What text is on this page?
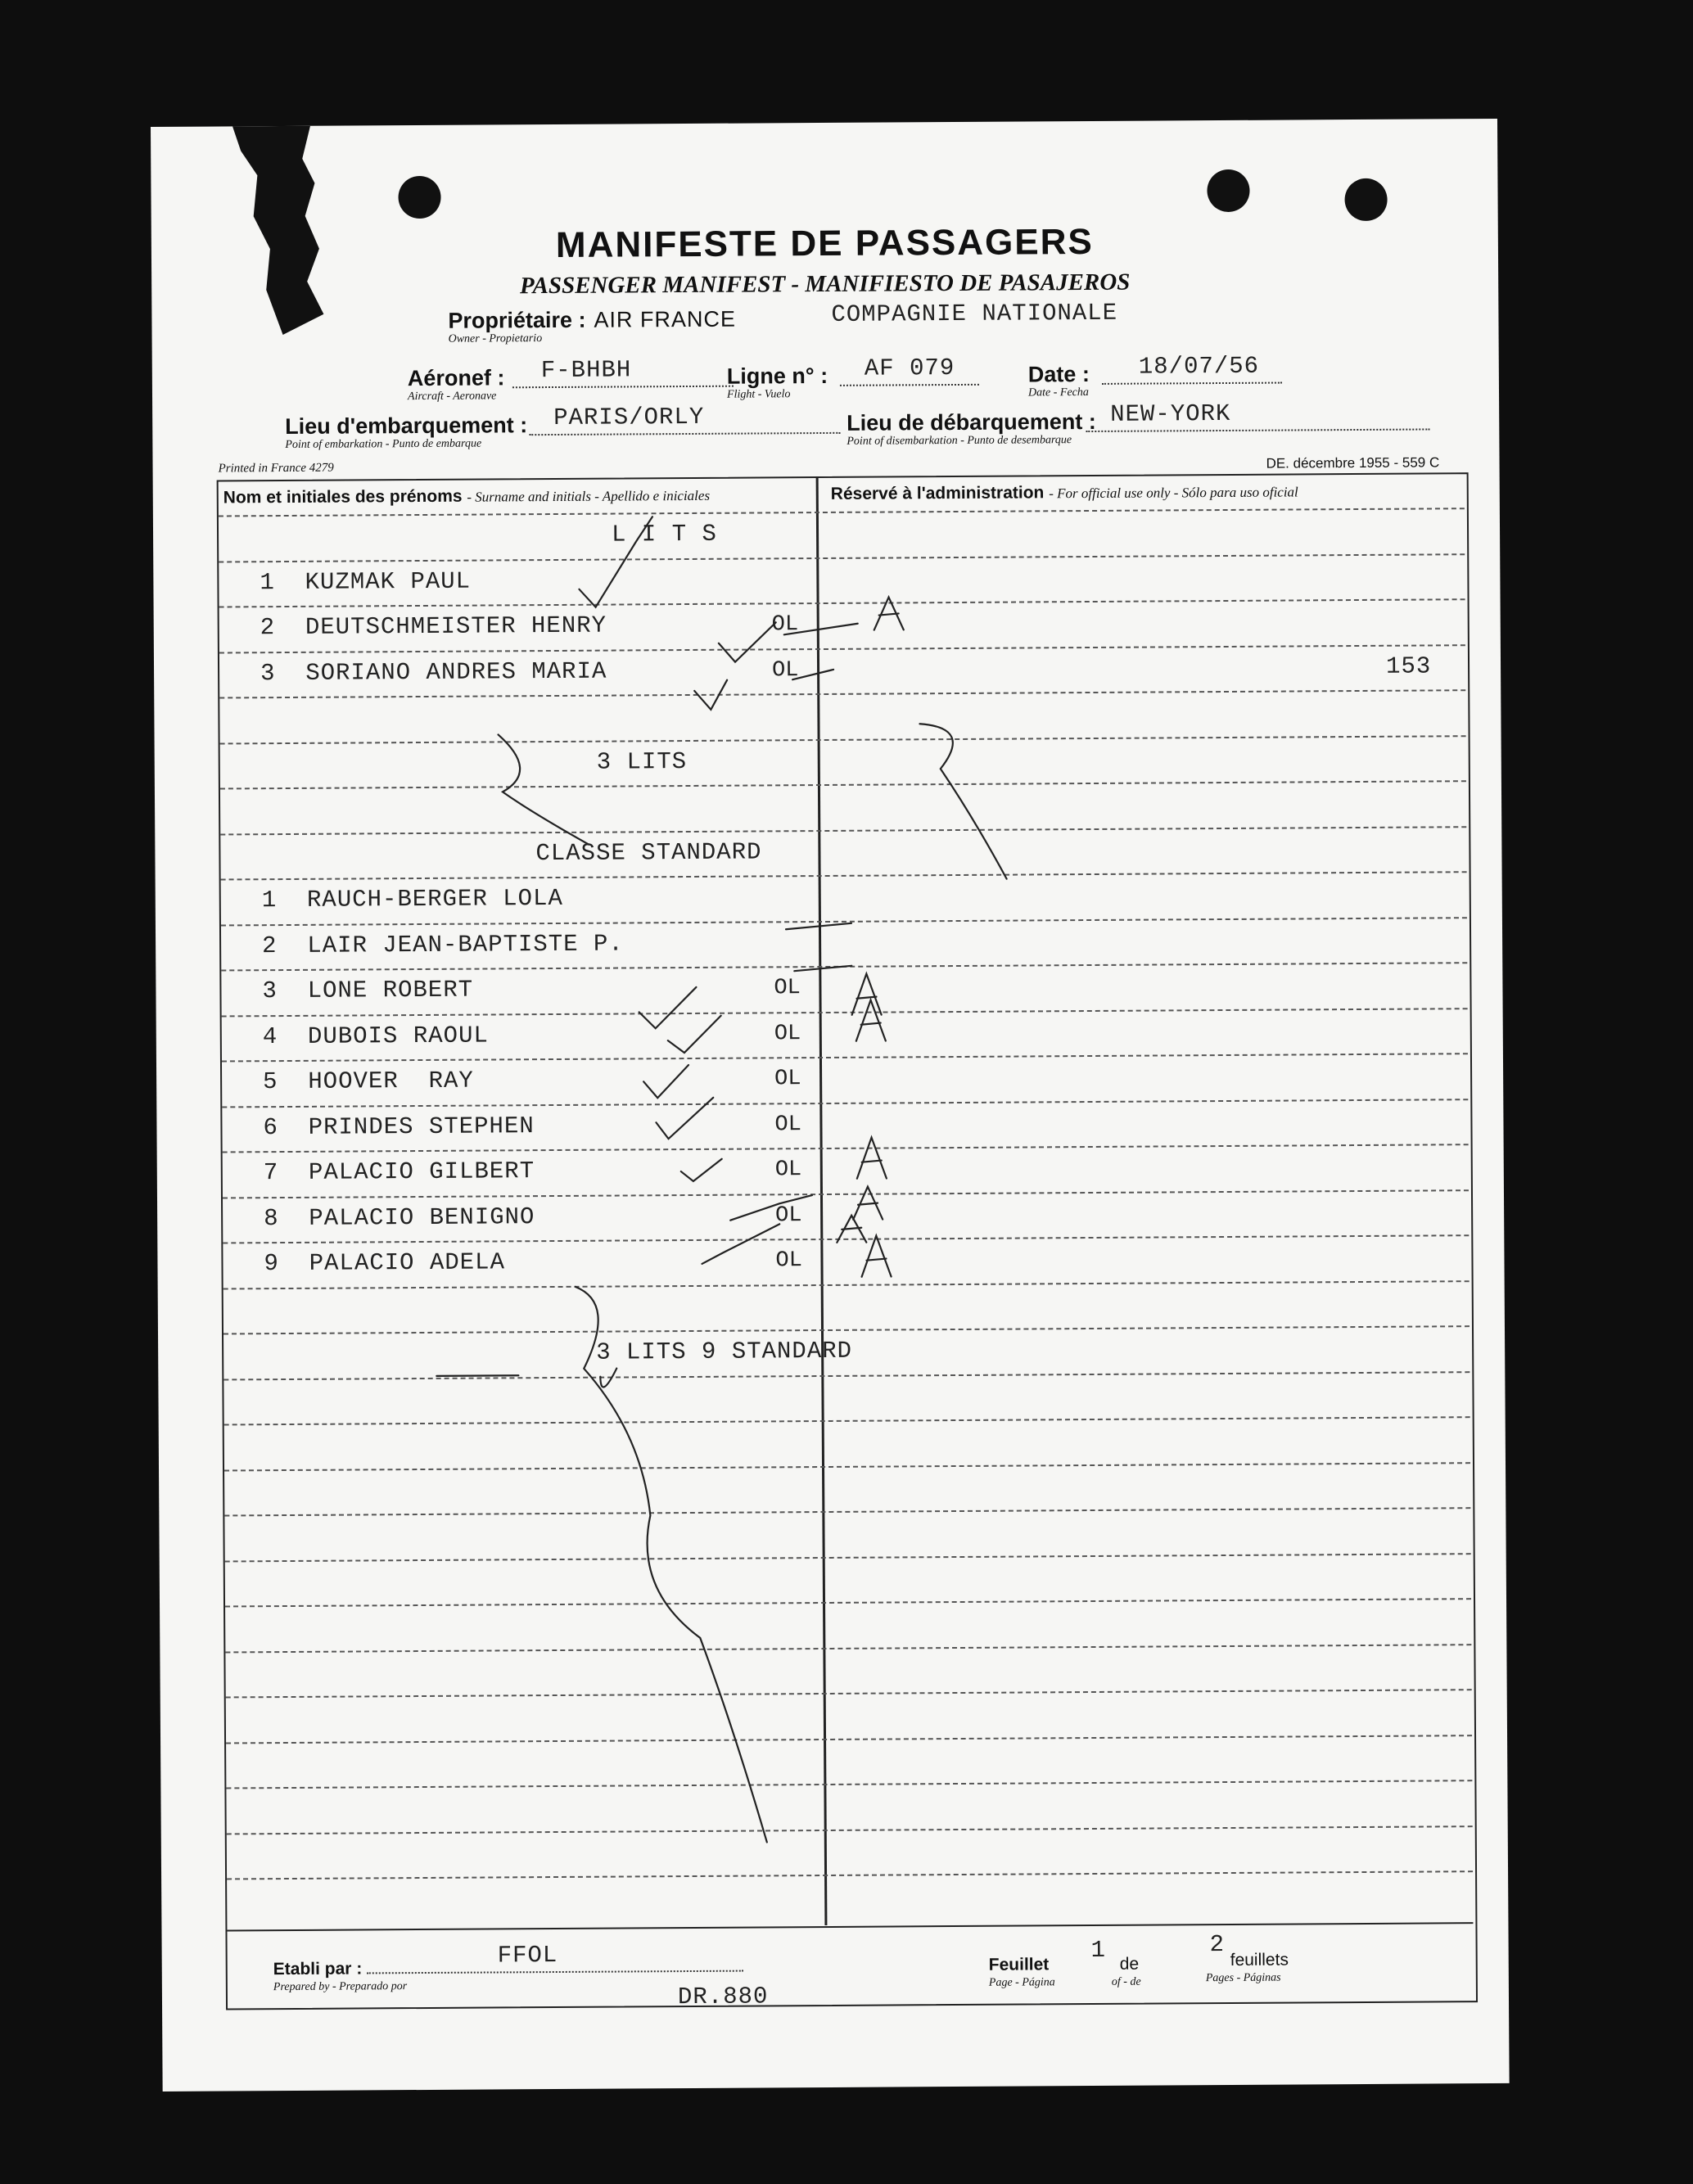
MANIFESTE DE PASSAGERS
PASSENGER MANIFEST - MANIFIESTO DE PASAJEROS
Propriétaire :
Owner - Propietario
AIR FRANCE	COMPAGNIE NATIONALE
Aéronef :
Aircraft - Aeronave
F-BHBH	Ligne n° :
Flight - Vuelo
AF 079	Date :
Date - Fecha
18/07/56
Lieu d'embarquement :
Point of embarkation - Punto de embarque
PARIS/ORLY	Lieu de débarquement :
Point of disembarkation - Punto de desembarque
NEW-YORK
Printed in France 4279	DE. décembre 1955 - 559 C
Nom et initiales des prénoms - Surname and initials - Apellido e iniciales	Réservé à l'administration - For official use only - Sólo para uso oficial
L I T S
1  KUZMAK PAUL
2  DEUTSCHMEISTER HENRY	OL
3  SORIANO ANDRES MARIA	OL
3 LITS
CLASSE STANDARD
1  RAUCH-BERGER LOLA
2  LAIR JEAN-BAPTISTE P.
3  LONE ROBERT	OL
4  DUBOIS RAOUL	OL
5  HOOVER  RAY	OL
6  PRINDES STEPHEN	OL
7  PALACIO GILBERT	OL
8  PALACIO BENIGNO	OL
9  PALACIO ADELA	OL
3 LITS 9 STANDARD
153
Etabli par :
Prepared by - Preparado por
FFOL
DR.880
Feuillet
Page - Página
1
de
of - de
2
feuillets
Pages - Páginas
